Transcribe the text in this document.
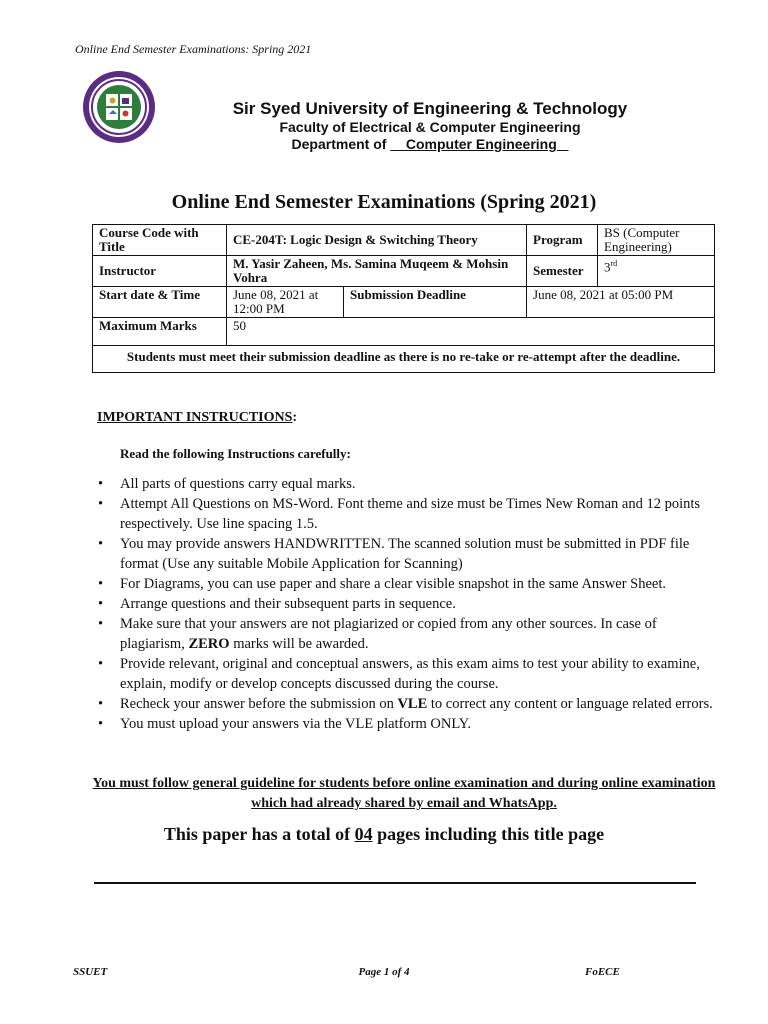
Online End Semester Examinations: Spring 2021
Sir Syed University of Engineering & Technology
Faculty of Electrical & Computer Engineering
Department of Computer Engineering
Online End Semester Examinations (Spring 2021)
Course Code with Title	CE-204T: Logic Design & Switching Theory		Program	BS (Computer Engineering)
Instructor	M. Yasir Zaheen, Ms. Samina Muqeem & Mohsin Vohra		Semester	3rd
Start date & Time	June 08, 2021 at 12:00 PM	Submission Deadline	June 08, 2021 at 05:00 PM	
Maximum Marks	50			
Students must meet their submission deadline as there is no re-take or re-attempt after the deadline.				
IMPORTANT INSTRUCTIONS:
Read the following Instructions carefully:
• All parts of questions carry equal marks.
• Attempt All Questions on MS-Word. Font theme and size must be Times New Roman and 12 points respectively. Use line spacing 1.5.
• You may provide answers HANDWRITTEN. The scanned solution must be submitted in PDF file format (Use any suitable Mobile Application for Scanning)
• For Diagrams, you can use paper and share a clear visible snapshot in the same Answer Sheet.
• Arrange questions and their subsequent parts in sequence.
• Make sure that your answers are not plagiarized or copied from any other sources. In case of plagiarism, ZERO marks will be awarded.
• Provide relevant, original and conceptual answers, as this exam aims to test your ability to examine, explain, modify or develop concepts discussed during the course.
• Recheck your answer before the submission on VLE to correct any content or language related errors.
• You must upload your answers via the VLE platform ONLY.
You must follow general guideline for students before online examination and during online examination which had already shared by email and WhatsApp.
This paper has a total of 04 pages including this title page
SSUET	Page 1 of 4	FoECE
